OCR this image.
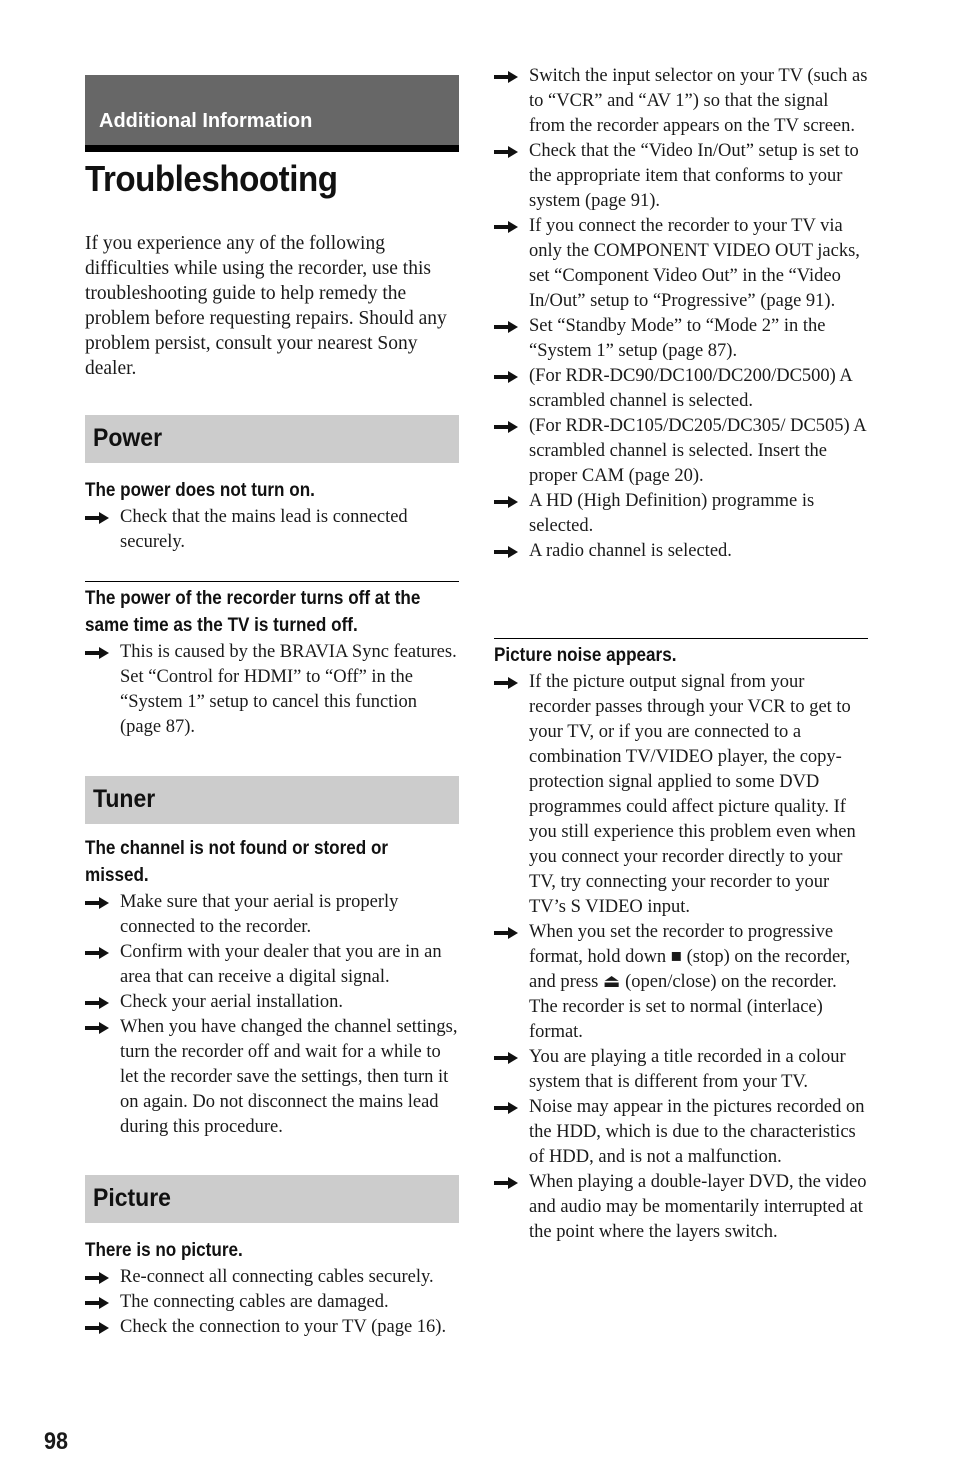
Additional Information
Troubleshooting

If you experience any of the following difficulties while using the recorder, use this troubleshooting guide to help remedy the problem before requesting repairs. Should any problem persist, consult your nearest Sony dealer.

Power

The power does not turn on.

Check that the mains lead is connected securely.

The power of the recorder turns off at the
same time as the TV is turned off.

This is caused by the BRAVIA Sync features. Set “Control for HDMI” to “Off” in the “System 1” setup to cancel this function (page 87).
Tuner

The channel is not found or stored or
missed.

Make sure that your aerial is properly connected to the recorder.
Confirm with your dealer that you are in an area that can receive a digital signal.
Check your aerial installation.
When you have changed the channel settings, turn the recorder off and wait for a while to let the recorder save the settings, then turn it on again. Do not disconnect the mains lead during this procedure.
Picture

There is no picture.

Re-connect all connecting cables securely.
The connecting cables are damaged.
Check the connection to your TV (page 16).
Switch the input selector on your TV (such as to “VCR” and “AV 1”) so that the signal from the recorder appears on the TV screen.
Check that the “Video In/Out” setup is set to the appropriate item that conforms to your system (page 91).
If you connect the recorder to your TV via only the COMPONENT VIDEO OUT jacks, set “Component Video Out” in the “Video In/Out” setup to “Progressive” (page 91).
Set “Standby Mode” to “Mode 2” in the “System 1” setup (page 87).
(For RDR-DC90/DC100/DC200/DC500) A scrambled channel is selected.
(For RDR-DC105/DC205/DC305/ DC505) A scrambled channel is selected. Insert the proper CAM (page 20).
A HD (High Definition) programme is selected.
A radio channel is selected.

Picture noise appears.

If the picture output signal from your recorder passes through your VCR to get to your TV, or if you are connected to a combination TV/VIDEO player, the copy-protection signal applied to some DVD programmes could affect picture quality. If you still experience this problem even when you connect your recorder directly to your TV, try connecting your recorder to your TV’s S VIDEO input.
When you set the recorder to progressive format, hold down ■ (stop) on the recorder, and press ⏏ (open/close) on the recorder. The recorder is set to normal (interlace) format.
You are playing a title recorded in a colour system that is different from your TV.
Noise may appear in the pictures recorded on the HDD, which is due to the characteristics of HDD, and is not a malfunction.
When playing a double-layer DVD, the video and audio may be momentarily interrupted at the point where the layers switch.
98
